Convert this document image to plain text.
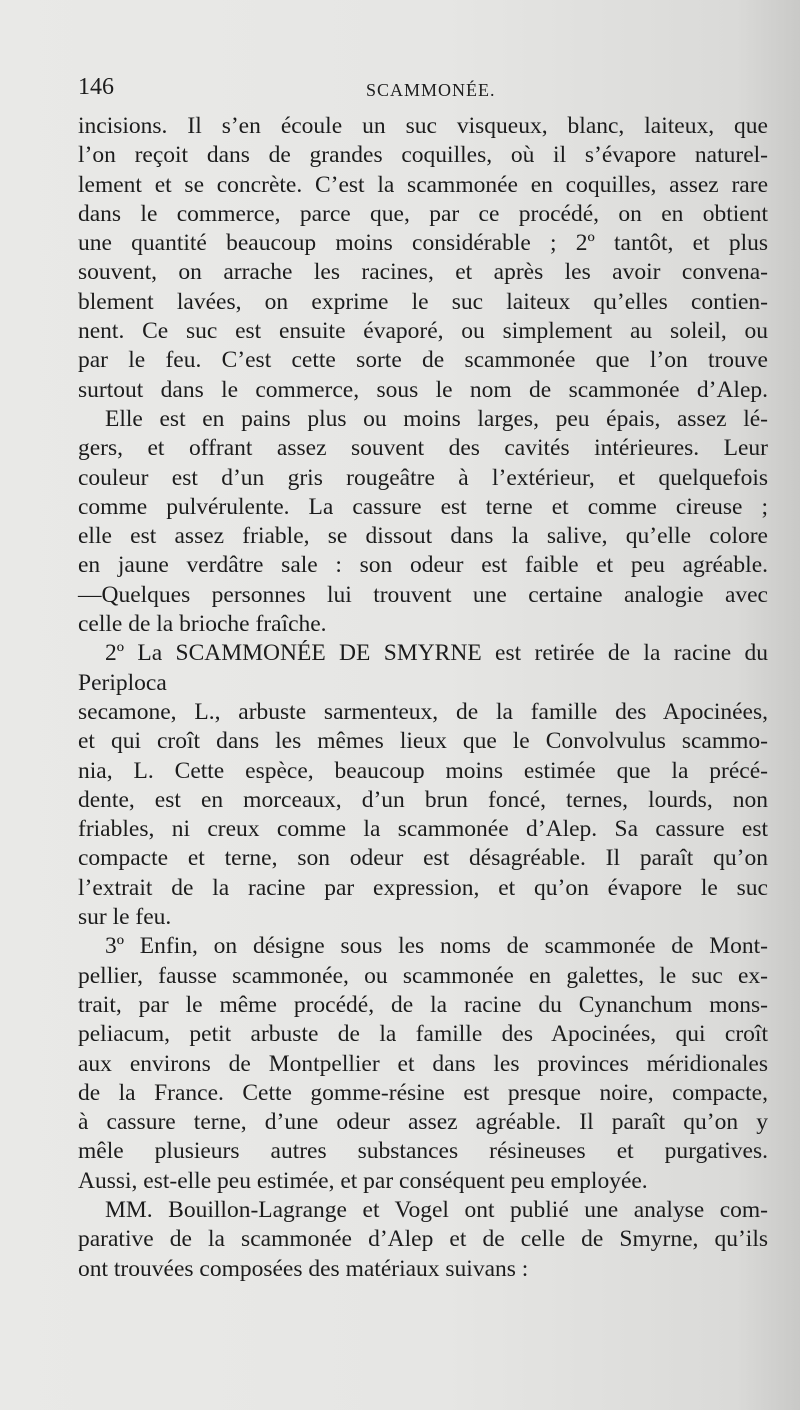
146	SCAMMONÉE.

incisions. Il s’en écoule un suc visqueux, blanc, laiteux, que

l’on reçoit dans de grandes coquilles, où il s’évapore naturel-

lement et se concrète. C’est la scammonée en coquilles, assez rare

dans le commerce, parce que, par ce procédé, on en obtient

une quantité beaucoup moins considérable ; 2º tantôt, et plus

souvent, on arrache les racines, et après les avoir convena-

blement lavées, on exprime le suc laiteux qu’elles contien-

nent. Ce suc est ensuite évaporé, ou simplement au soleil, ou

par le feu. C’est cette sorte de scammonée que l’on trouve

surtout dans le commerce, sous le nom de scammonée d’Alep.

Elle est en pains plus ou moins larges, peu épais, assez lé-

gers, et offrant assez souvent des cavités intérieures. Leur

couleur est d’un gris rougeâtre à l’extérieur, et quelquefois

comme pulvérulente. La cassure est terne et comme cireuse ;

elle est assez friable, se dissout dans la salive, qu’elle colore

en jaune verdâtre sale : son odeur est faible et peu agréable.

—Quelques personnes lui trouvent une certaine analogie avec

celle de la brioche fraîche.

2º La SCAMMONÉE DE SMYRNE est retirée de la racine du Periploca

secamone, L., arbuste sarmenteux, de la famille des Apocinées,

et qui croît dans les mêmes lieux que le Convolvulus scammo-

nia, L. Cette espèce, beaucoup moins estimée que la précé-

dente, est en morceaux, d’un brun foncé, ternes, lourds, non

friables, ni creux comme la scammonée d’Alep. Sa cassure est

compacte et terne, son odeur est désagréable. Il paraît qu’on

l’extrait de la racine par expression, et qu’on évapore le suc

sur le feu.

3º Enfin, on désigne sous les noms de scammonée de Mont-

pellier, fausse scammonée, ou scammonée en galettes, le suc ex-

trait, par le même procédé, de la racine du Cynanchum mons-

peliacum, petit arbuste de la famille des Apocinées, qui croît

aux environs de Montpellier et dans les provinces méridionales

de la France. Cette gomme-résine est presque noire, compacte,

à cassure terne, d’une odeur assez agréable. Il paraît qu’on y

mêle plusieurs autres substances résineuses et purgatives.

Aussi, est-elle peu estimée, et par conséquent peu employée.

MM. Bouillon-Lagrange et Vogel ont publié une analyse com-

parative de la scammonée d’Alep et de celle de Smyrne, qu’ils

ont trouvées composées des matériaux suivans :
